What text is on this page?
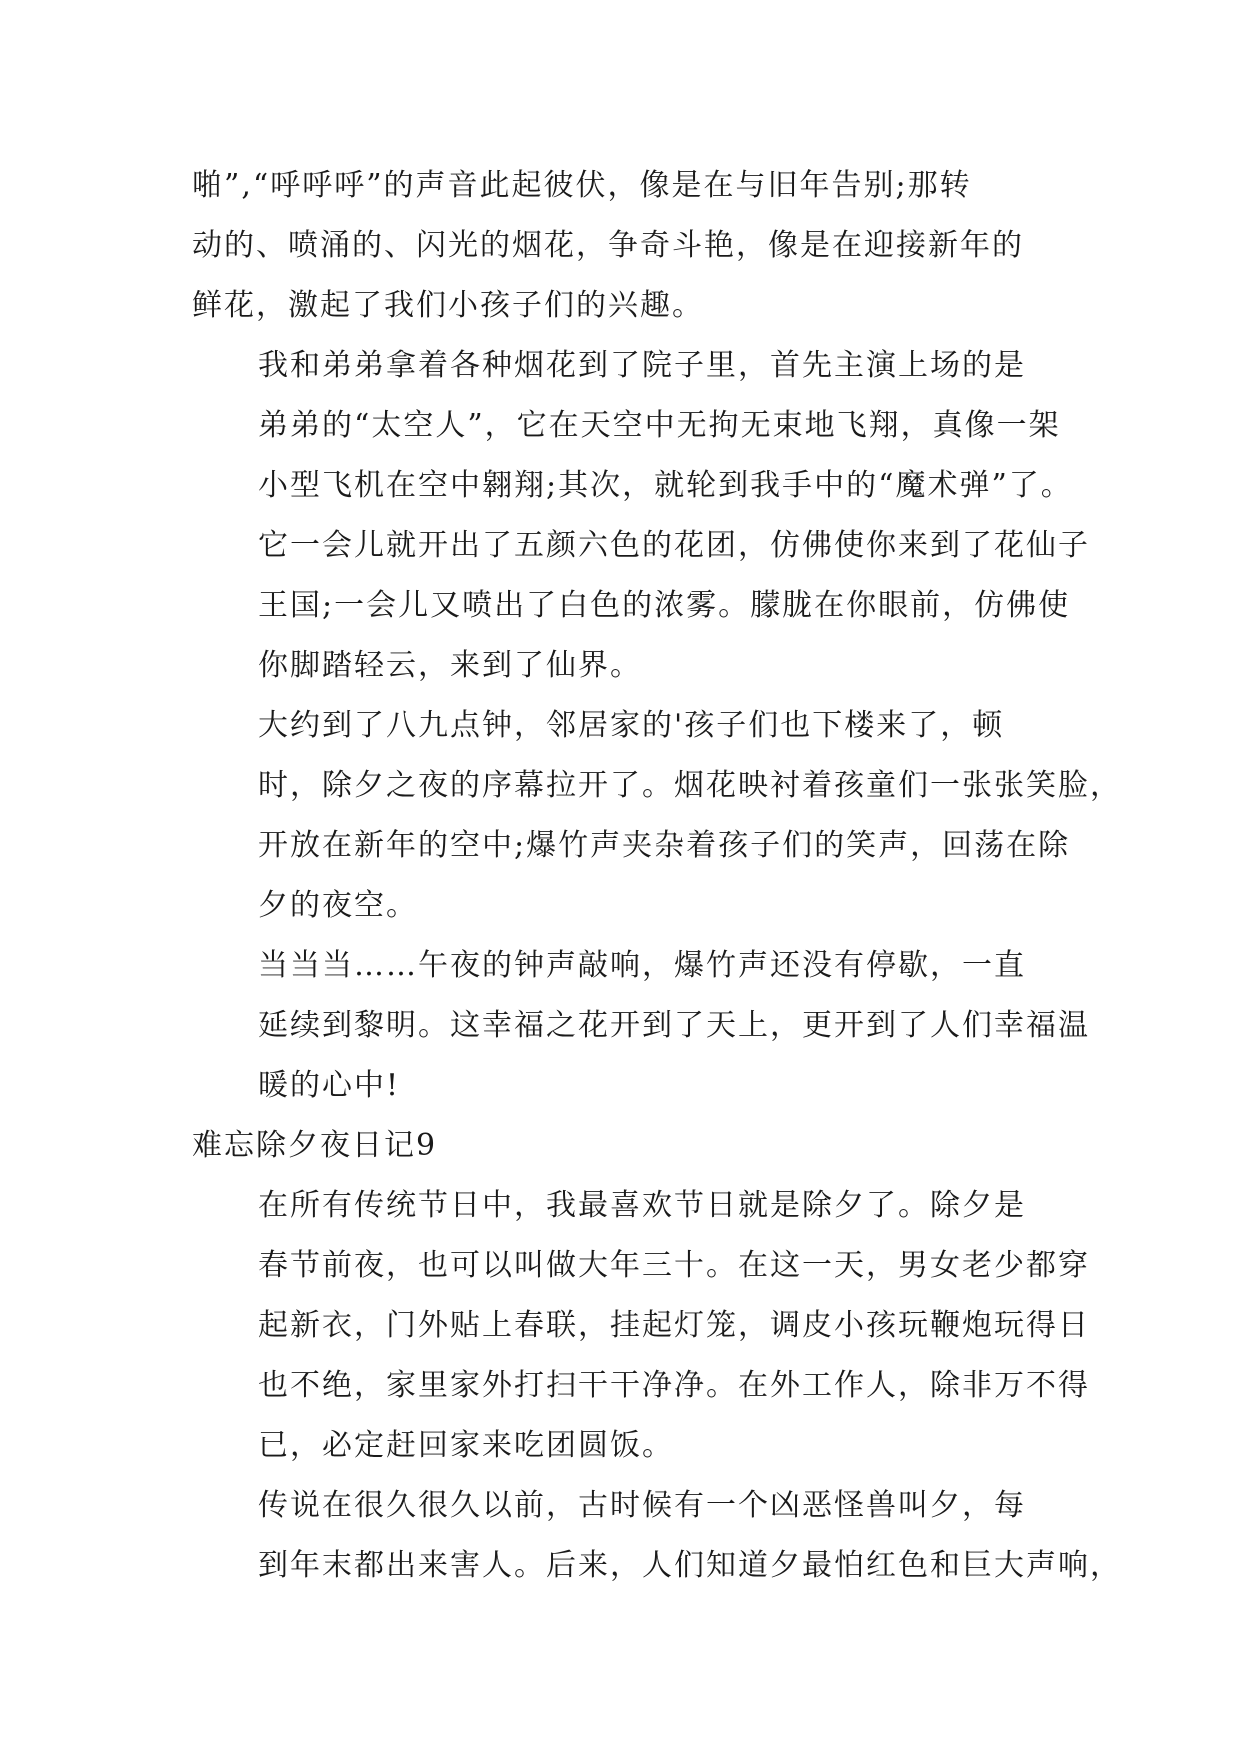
啪”,“呼呼呼”的声音此起彼伏，像是在与旧年告别;那转
动的、喷涌的、闪光的烟花，争奇斗艳，像是在迎接新年的
鲜花，激起了我们小孩子们的兴趣。

我和弟弟拿着各种烟花到了院子里，首先主演上场的是
弟弟的“太空人”，它在天空中无拘无束地飞翔，真像一架
小型飞机在空中翱翔;其次，就轮到我手中的“魔术弹”了。
它一会儿就开出了五颜六色的花团，仿佛使你来到了花仙子
王国;一会儿又喷出了白色的浓雾。朦胧在你眼前，仿佛使
你脚踏轻云，来到了仙界。

大约到了八九点钟，邻居家的'孩子们也下楼来了，顿
时，除夕之夜的序幕拉开了。烟花映衬着孩童们一张张笑脸，
开放在新年的空中;爆竹声夹杂着孩子们的笑声，回荡在除
夕的夜空。

当当当……午夜的钟声敲响，爆竹声还没有停歇，一直
延续到黎明。这幸福之花开到了天上，更开到了人们幸福温
暖的心中!

难忘除夕夜日记9

在所有传统节日中，我最喜欢节日就是除夕了。除夕是
春节前夜，也可以叫做大年三十。在这一天，男女老少都穿
起新衣，门外贴上春联，挂起灯笼，调皮小孩玩鞭炮玩得日
也不绝，家里家外打扫干干净净。在外工作人，除非万不得
已，必定赶回家来吃团圆饭。

传说在很久很久以前，古时候有一个凶恶怪兽叫夕，每
到年末都出来害人。后来，人们知道夕最怕红色和巨大声响，
